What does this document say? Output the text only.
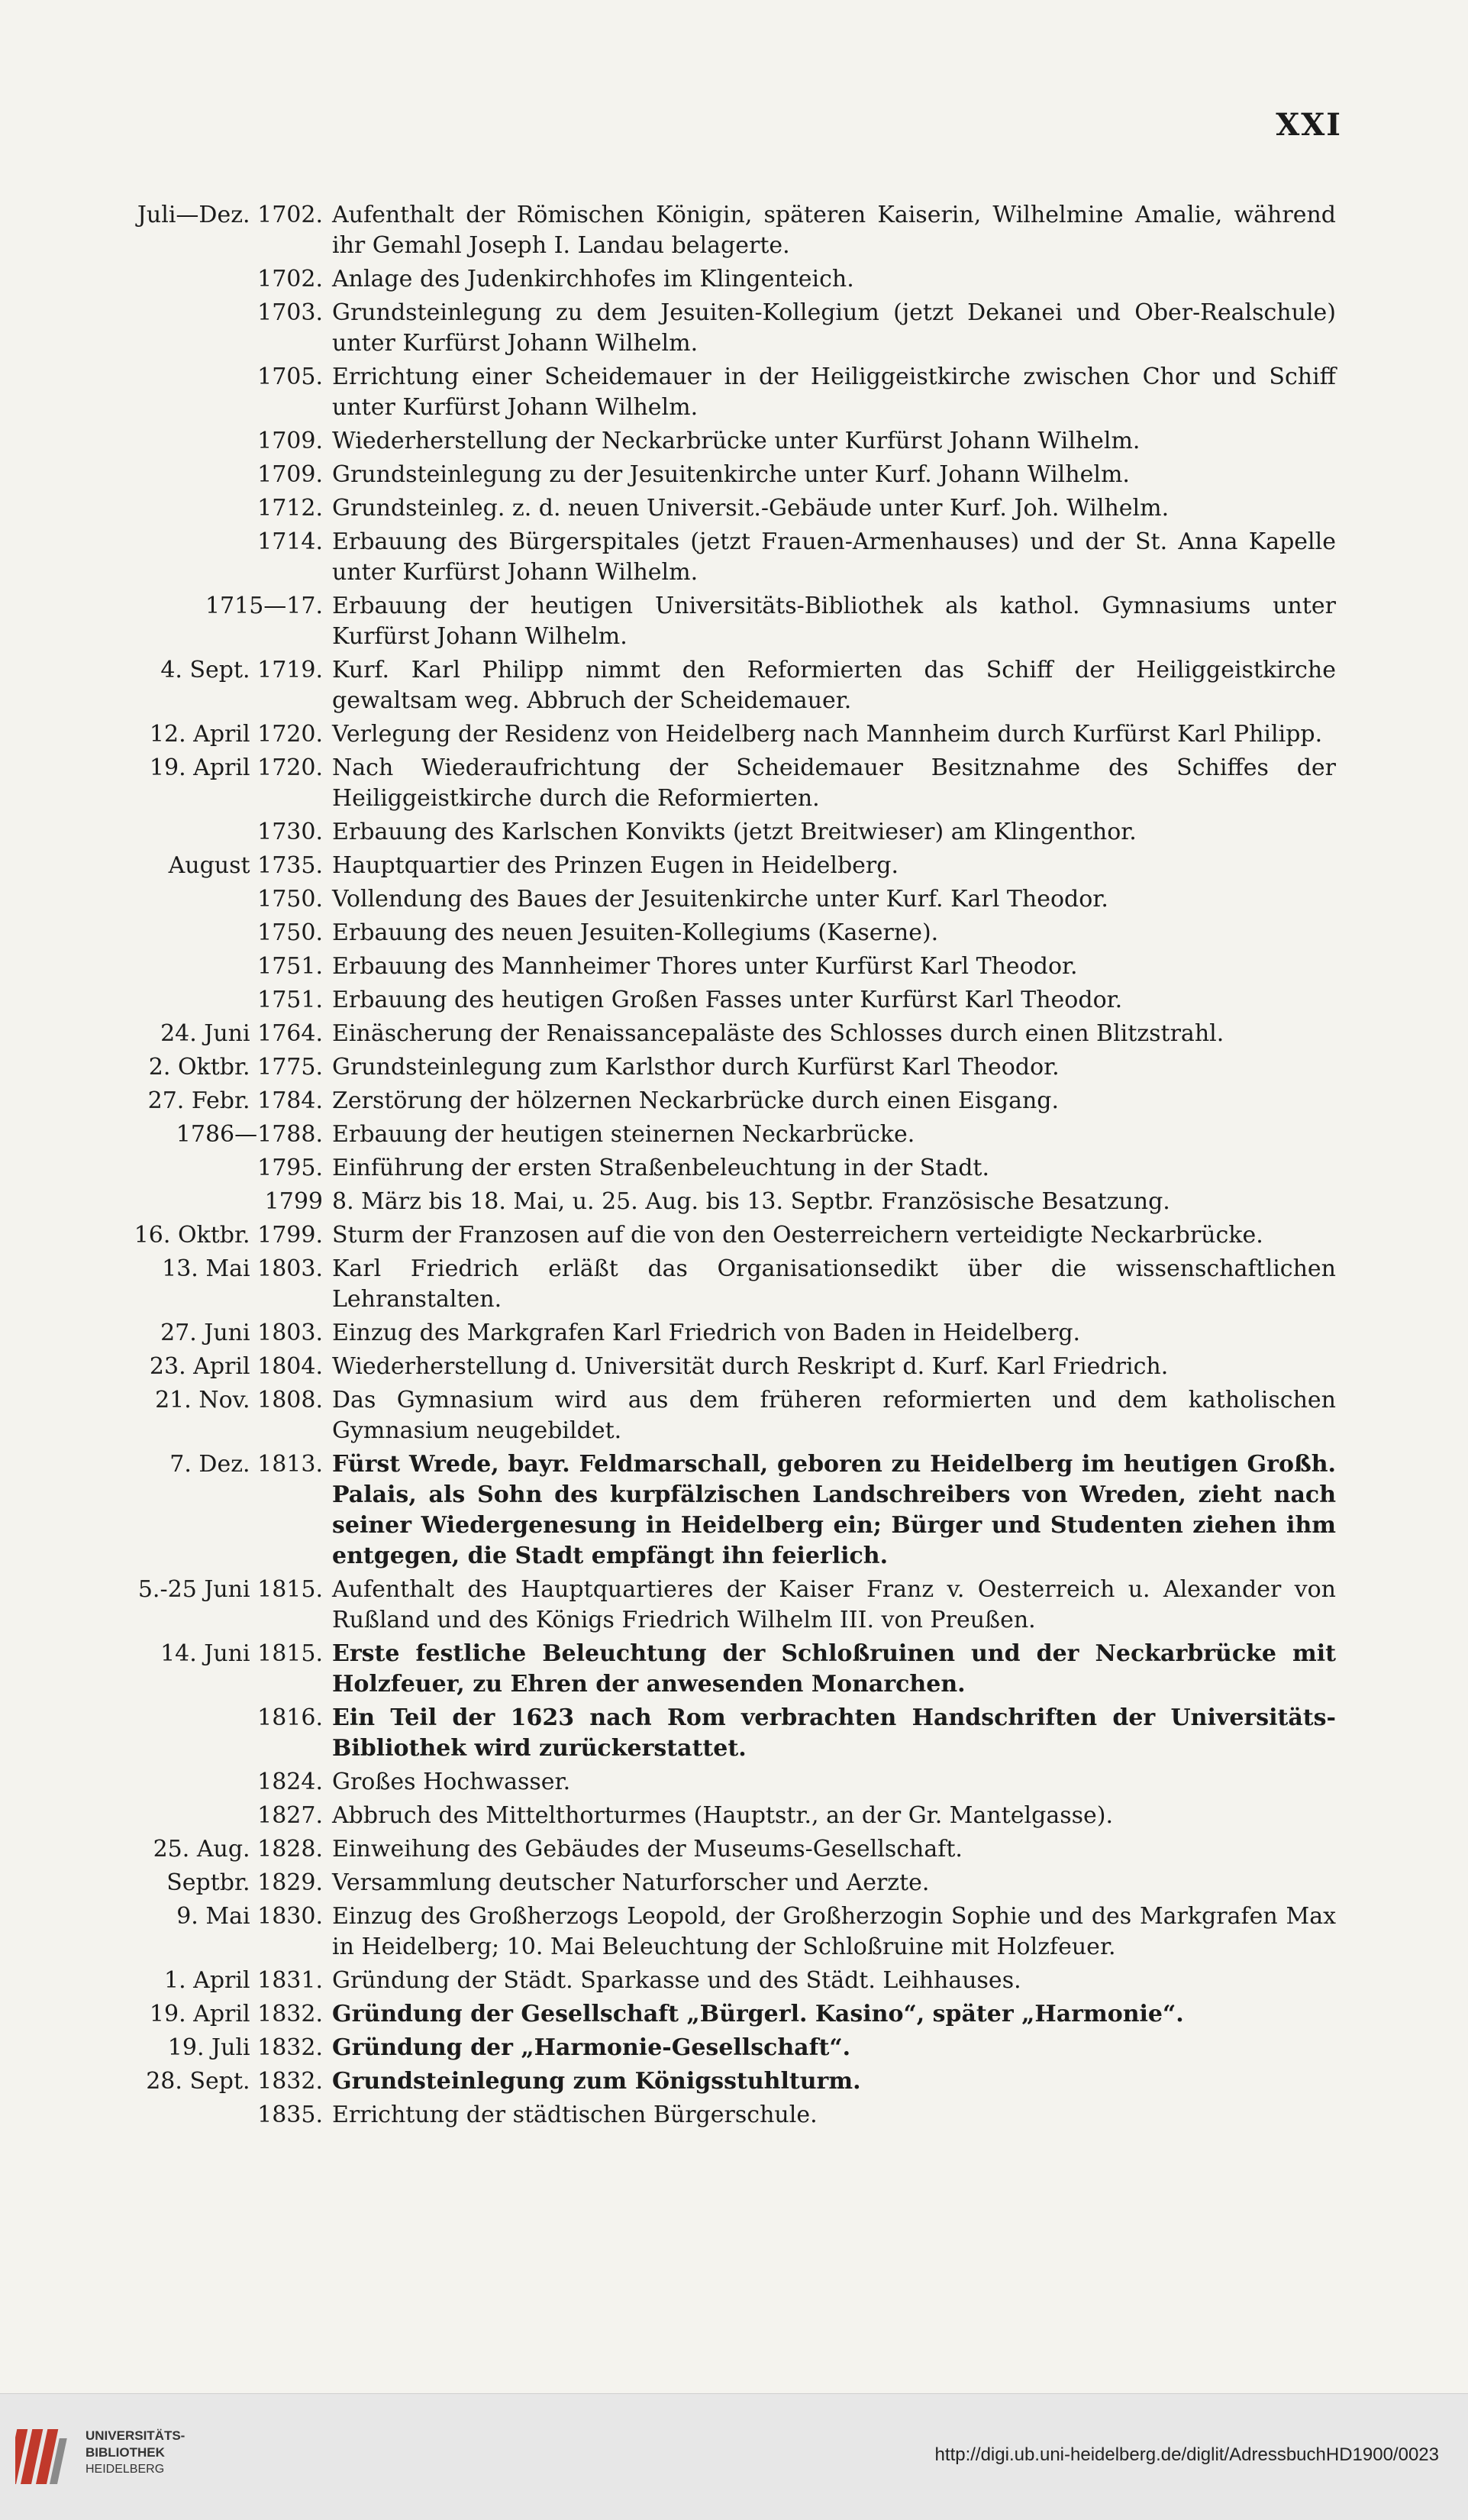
XXI
Juli—Dez. 1702. Aufenthalt der Römischen Königin, späteren Kaiserin, Wilhelmine Amalie, während ihr Gemahl Joseph I. Landau belagerte.
1702. Anlage des Judenkirchhofes im Klingenteich.
1703. Grundsteinlegung zu dem Jesuiten-Kollegium (jetzt Dekanei und Ober-Realschule) unter Kurfürst Johann Wilhelm.
1705. Errichtung einer Scheidemauer in der Heiliggeistkirche zwischen Chor und Schiff unter Kurfürst Johann Wilhelm.
1709. Wiederherstellung der Neckarbrücke unter Kurfürst Johann Wilhelm.
1709. Grundsteinlegung zu der Jesuitenkirche unter Kurf. Johann Wilhelm.
1712. Grundsteinleg. z. d. neuen Universit.-Gebäude unter Kurf. Joh. Wilhelm.
1714. Erbauung des Bürgerspitales (jetzt Frauen-Armenhauses) und der St. Anna Kapelle unter Kurfürst Johann Wilhelm.
1715—17. Erbauung der heutigen Universitäts-Bibliothek als kathol. Gymnasiums unter Kurfürst Johann Wilhelm.
4. Sept. 1719. Kurf. Karl Philipp nimmt den Reformierten das Schiff der Heiliggeistkirche gewaltsam weg. Abbruch der Scheidemauer.
12. April 1720. Verlegung der Residenz von Heidelberg nach Mannheim durch Kurfürst Karl Philipp.
19. April 1720. Nach Wiederaufrichtung der Scheidemauer Besitznahme des Schiffes der Heiliggeistkirche durch die Reformierten.
1730. Erbauung des Karlschen Konvikts (jetzt Breitwieser) am Klingenthor.
August 1735. Hauptquartier des Prinzen Eugen in Heidelberg.
1750. Vollendung des Baues der Jesuitenkirche unter Kurf. Karl Theodor.
1750. Erbauung des neuen Jesuiten-Kollegiums (Kaserne).
1751. Erbauung des Mannheimer Thores unter Kurfürst Karl Theodor.
1751. Erbauung des heutigen Großen Fasses unter Kurfürst Karl Theodor.
24. Juni 1764. Einäscherung der Renaissancepaläste des Schlosses durch einen Blitzstrahl.
2. Oktbr. 1775. Grundsteinlegung zum Karlsthor durch Kurfürst Karl Theodor.
27. Febr. 1784. Zerstörung der hölzernen Neckarbrücke durch einen Eisgang.
1786—1788. Erbauung der heutigen steinernen Neckarbrücke.
1795. Einführung der ersten Straßenbeleuchtung in der Stadt.
1799 8. März bis 18. Mai, u. 25. Aug. bis 13. Septbr. Französische Besatzung.
16. Oktbr. 1799. Sturm der Franzosen auf die von den Oesterreichern verteidigte Neckarbrücke.
13. Mai 1803. Karl Friedrich erläßt das Organisationsedikt über die wissenschaftlichen Lehranstalten.
27. Juni 1803. Einzug des Markgrafen Karl Friedrich von Baden in Heidelberg.
23. April 1804. Wiederherstellung d. Universität durch Reskript d. Kurf. Karl Friedrich.
21. Nov. 1808. Das Gymnasium wird aus dem früheren reformierten und dem katholischen Gymnasium neugebildet.
7. Dez. 1813. Fürst Wrede, bayr. Feldmarschall, geboren zu Heidelberg im heutigen Großh. Palais, als Sohn des kurpfälzischen Landschreibers von Wreden, zieht nach seiner Wiedergenesung in Heidelberg ein; Bürger und Studenten ziehen ihm entgegen, die Stadt empfängt ihn feierlich.
5.-25 Juni 1815. Aufenthalt des Hauptquartieres der Kaiser Franz v. Oesterreich u. Alexander von Rußland und des Königs Friedrich Wilhelm III. von Preußen.
14. Juni 1815. Erste festliche Beleuchtung der Schloßruinen und der Neckarbrücke mit Holzfeuer, zu Ehren der anwesenden Monarchen.
1816. Ein Teil der 1623 nach Rom verbrachten Handschriften der Universitäts-Bibliothek wird zurückerstattet.
1824. Großes Hochwasser.
1827. Abbruch des Mittelthorturmes (Hauptstr., an der Gr. Mantelgasse).
25. Aug. 1828. Einweihung des Gebäudes der Museums-Gesellschaft.
Septbr. 1829. Versammlung deutscher Naturforscher und Aerzte.
9. Mai 1830. Einzug des Großherzogs Leopold, der Großherzogin Sophie und des Markgrafen Max in Heidelberg; 10. Mai Beleuchtung der Schloßruine mit Holzfeuer.
1. April 1831. Gründung der Städt. Sparkasse und des Städt. Leihhauses.
19. April 1832. Gründung der Gesellschaft „Bürgerl. Kasino“, später „Harmonie“.
19. Juli 1832. Gründung der „Harmonie-Gesellschaft“.
28. Sept. 1832. Grundsteinlegung zum Königsstuhlturm.
1835. Errichtung der städtischen Bürgerschule.
UNIVERSITÄTS-
BIBLIOTHEK
HEIDELBERG
http://digi.ub.uni-heidelberg.de/diglit/AdressbuchHD1900/0023
